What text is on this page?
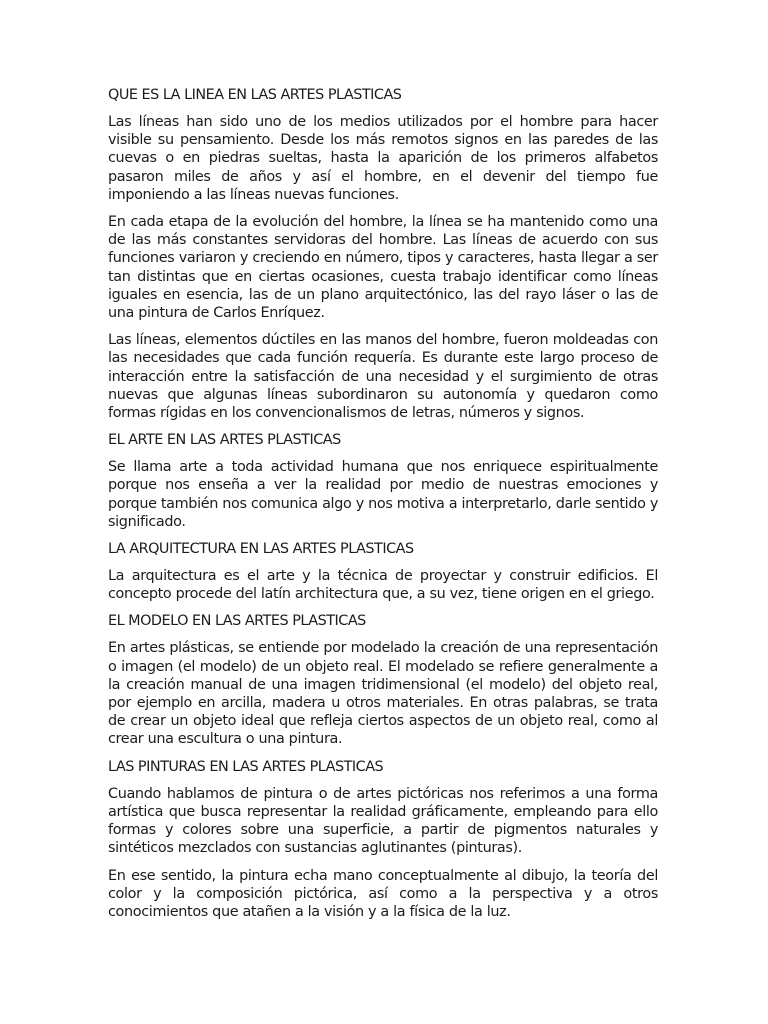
QUE ES LA LINEA EN LAS ARTES PLASTICAS

Las líneas han sido uno de los medios utilizados por el hombre para hacer visible su pensamiento. Desde los más remotos signos en las paredes de las cuevas o en piedras sueltas, hasta la aparición de los primeros alfabetos pasaron miles de años y así el hombre, en el devenir del tiempo fue imponiendo a las líneas nuevas funciones.

En cada etapa de la evolución del hombre, la línea se ha mantenido como una de las más constantes servidoras del hombre. Las líneas de acuerdo con sus funciones variaron y creciendo en número, tipos y caracteres, hasta llegar a ser tan distintas que en ciertas ocasiones, cuesta trabajo identificar como líneas iguales en esencia, las de un plano arquitectónico, las del rayo láser o las de una pintura de Carlos Enríquez.

Las líneas, elementos dúctiles en las manos del hombre, fueron moldeadas con las necesidades que cada función requería. Es durante este largo proceso de interacción entre la satisfacción de una necesidad y el surgimiento de otras nuevas que algunas líneas subordinaron su autonomía y quedaron como formas rígidas en los convencionalismos de letras, números y signos.

EL ARTE EN LAS ARTES PLASTICAS

Se llama arte a toda actividad humana que nos enriquece espiritualmente porque nos enseña a ver la realidad por medio de nuestras emociones y porque también nos comunica algo y nos motiva a interpretarlo, darle sentido y significado.

LA ARQUITECTURA EN LAS ARTES PLASTICAS

La arquitectura es el arte y la técnica de proyectar y construir edificios. El concepto procede del latín architectura que, a su vez, tiene origen en el griego.

EL MODELO EN LAS ARTES PLASTICAS

En artes plásticas, se entiende por modelado la creación de una representación o imagen (el modelo) de un objeto real. El modelado se refiere generalmente a la creación manual de una imagen tridimensional (el modelo) del objeto real, por ejemplo en arcilla, madera u otros materiales. En otras palabras, se trata de crear un objeto ideal que refleja ciertos aspectos de un objeto real, como al crear una escultura o una pintura.

LAS PINTURAS EN LAS ARTES PLASTICAS

Cuando hablamos de pintura o de artes pictóricas nos referimos a una forma artística que busca representar la realidad gráficamente, empleando para ello formas y colores sobre una superficie, a partir de pigmentos naturales y sintéticos mezclados con sustancias aglutinantes (pinturas).

En ese sentido, la pintura echa mano conceptualmente al dibujo, la teoría del color y la composición pictórica, así como a la perspectiva y a otros conocimientos que atañen a la visión y a la física de la luz.
